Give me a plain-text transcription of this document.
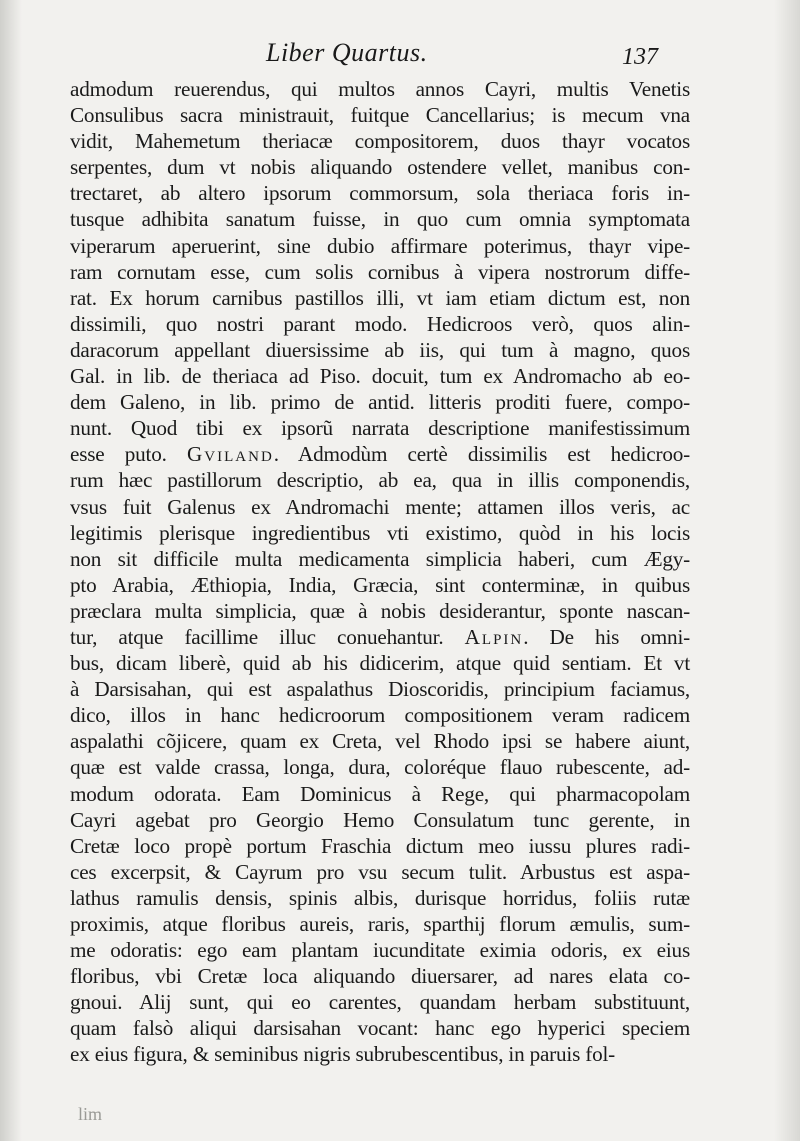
Liber Quartus.	137
admodum reuerendus, qui multos annos Cayri, multis Venetis
Consulibus sacra ministrauit, fuitque Cancellarius; is mecum vna
vidit, Mahemetum theriacæ compositorem, duos thayr vocatos
serpentes, dum vt nobis aliquando ostendere vellet, manibus con-
trectaret, ab altero ipsorum commorsum, sola theriaca foris in-
tusque adhibita sanatum fuisse, in quo cum omnia symptomata
viperarum aperuerint, sine dubio affirmare poterimus, thayr vipe-
ram cornutam esse, cum solis cornibus à vipera nostrorum diffe-
rat. Ex horum carnibus pastillos illi, vt iam etiam dictum est, non
dissimili, quo nostri parant modo. Hedicroos verò, quos alin-
daracorum appellant diuersissime ab iis, qui tum à magno, quos
Gal. in lib. de theriaca ad Piso. docuit, tum ex Andromacho ab eo-
dem Galeno, in lib. primo de antid. litteris proditi fuere, compo-
nunt. Quod tibi ex ipsorũ narrata descriptione manifestissimum
esse puto. Gviland. Admodùm certè dissimilis est hedicroo-
rum hæc pastillorum descriptio, ab ea, qua in illis componendis,
vsus fuit Galenus ex Andromachi mente; attamen illos veris, ac
legitimis plerisque ingredientibus vti existimo, quòd in his locis
non sit difficile multa medicamenta simplicia haberi, cum Ægy-
pto Arabia, Æthiopia, India, Græcia, sint conterminæ, in quibus
præclara multa simplicia, quæ à nobis desiderantur, sponte nascan-
tur, atque facillime illuc conuehantur. Alpin. De his omni-
bus, dicam liberè, quid ab his didicerim, atque quid sentiam. Et vt
à Darsisahan, qui est aspalathus Dioscoridis, principium faciamus,
dico, illos in hanc hedicroorum compositionem veram radicem
aspalathi cõjicere, quam ex Creta, vel Rhodo ipsi se habere aiunt,
quæ est valde crassa, longa, dura, coloréque flauo rubescente, ad-
modum odorata. Eam Dominicus à Rege, qui pharmacopolam
Cayri agebat pro Georgio Hemo Consulatum tunc gerente, in
Cretæ loco propè portum Fraschia dictum meo iussu plures radi-
ces excerpsit, & Cayrum pro vsu secum tulit. Arbustus est aspa-
lathus ramulis densis, spinis albis, durisque horridus, foliis rutæ
proximis, atque floribus aureis, raris, sparthij florum æmulis, sum-
me odoratis: ego eam plantam iucunditate eximia odoris, ex eius
floribus, vbi Cretæ loca aliquando diuersarer, ad nares elata co-
gnoui. Alij sunt, qui eo carentes, quandam herbam substituunt,
quam falsò aliqui darsisahan vocant: hanc ego hyperici speciem
ex eius figura, & seminibus nigris subrubescentibus, in paruis fol-
lim
